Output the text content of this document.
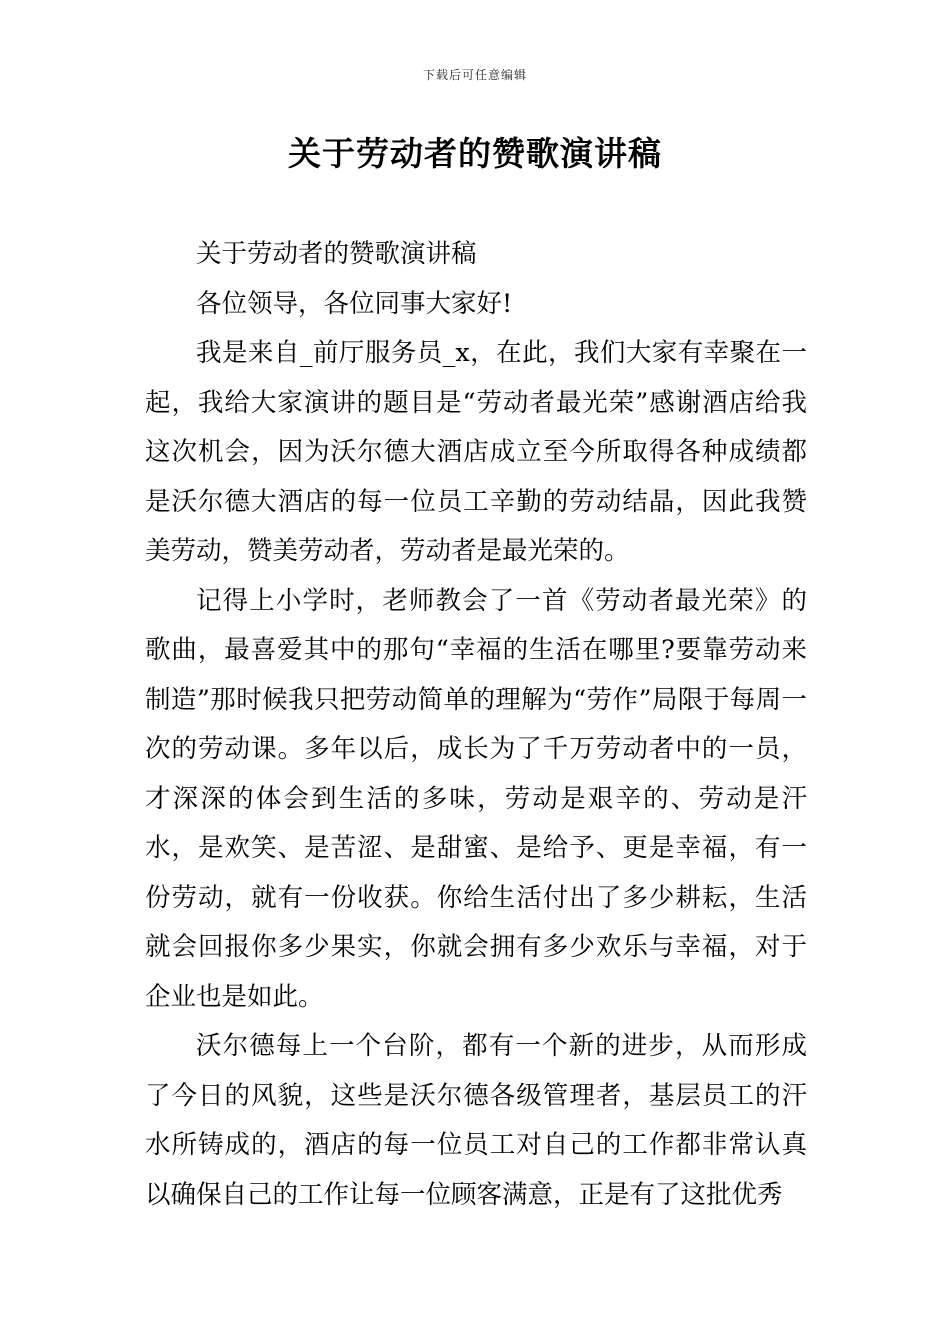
下载后可任意编辑
关于劳动者的赞歌演讲稿

关于劳动者的赞歌演讲稿

各位领导，各位同事大家好!

我是来自_前厅服务员_x，在此，我们大家有幸聚在一起，我给大家演讲的题目是“劳动者最光荣”感谢酒店给我这次机会，因为沃尔德大酒店成立至今所取得各种成绩都是沃尔德大酒店的每一位员工辛勤的劳动结晶，因此我赞美劳动，赞美劳动者，劳动者是最光荣的。

记得上小学时，老师教会了一首《劳动者最光荣》的歌曲，最喜爱其中的那句“幸福的生活在哪里?要靠劳动来制造”那时候我只把劳动简单的理解为“劳作”局限于每周一次的劳动课。多年以后，成长为了千万劳动者中的一员，才深深的体会到生活的多味，劳动是艰辛的、劳动是汗水，是欢笑、是苦涩、是甜蜜、是给予、更是幸福，有一份劳动，就有一份收获。你给生活付出了多少耕耘，生活就会回报你多少果实，你就会拥有多少欢乐与幸福，对于企业也是如此。

沃尔德每上一个台阶，都有一个新的进步，从而形成了今日的风貌，这些是沃尔德各级管理者，基层员工的汗水所铸成的，酒店的每一位员工对自己的工作都非常认真以确保自己的工作让每一位顾客满意，正是有了这批优秀
